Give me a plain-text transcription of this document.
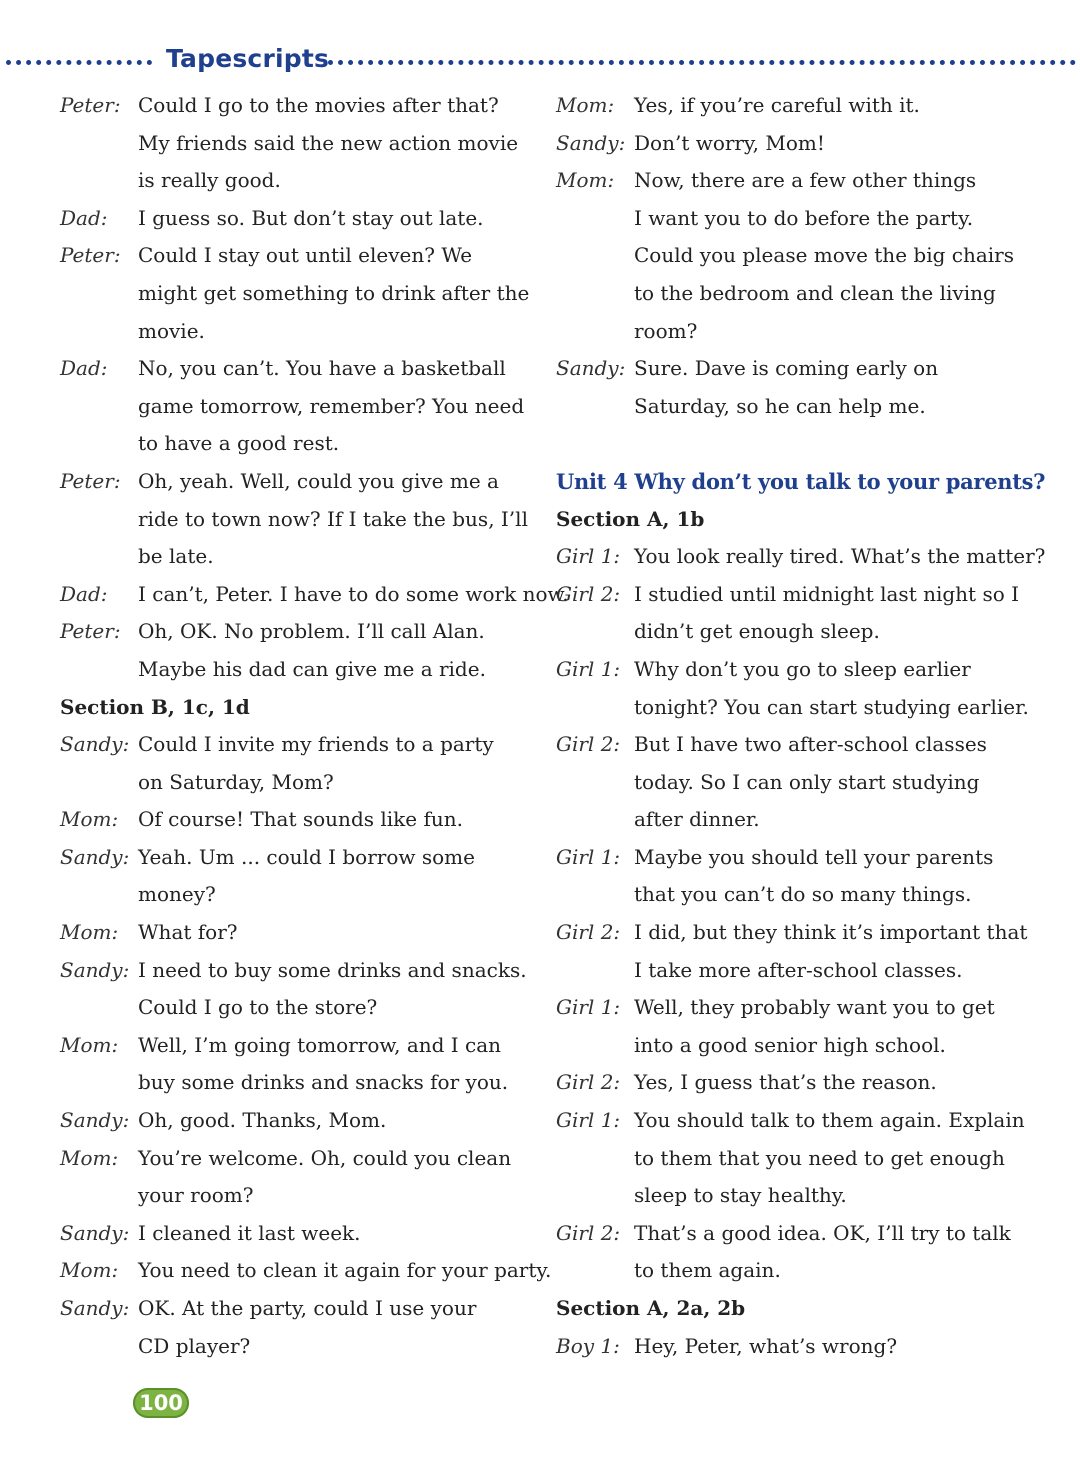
Tapescripts
Peter: Could I go to the movies after that?
My friends said the new action movie
is really good.
Dad: I guess so. But don’t stay out late.
Peter: Could I stay out until eleven? We
might get something to drink after the
movie.
Dad: No, you can’t. You have a basketball
game tomorrow, remember? You need
to have a good rest.
Peter: Oh, yeah. Well, could you give me a
ride to town now? If I take the bus, I’ll
be late.
Dad: I can’t, Peter. I have to do some work now.
Peter: Oh, OK. No problem. I’ll call Alan.
Maybe his dad can give me a ride.
Section B, 1c, 1d
Sandy: Could I invite my friends to a party
on Saturday, Mom?
Mom: Of course! That sounds like fun.
Sandy: Yeah. Um ... could I borrow some
money?
Mom: What for?
Sandy: I need to buy some drinks and snacks.
Could I go to the store?
Mom: Well, I’m going tomorrow, and I can
buy some drinks and snacks for you.
Sandy: Oh, good. Thanks, Mom.
Mom: You’re welcome. Oh, could you clean
your room?
Sandy: I cleaned it last week.
Mom: You need to clean it again for your party.
Sandy: OK. At the party, could I use your
CD player?
Mom: Yes, if you’re careful with it.
Sandy: Don’t worry, Mom!
Mom: Now, there are a few other things
I want you to do before the party.
Could you please move the big chairs
to the bedroom and clean the living
room?
Sandy: Sure. Dave is coming early on
Saturday, so he can help me.
Unit 4 Why don’t you talk to your parents?
Section A, 1b
Girl 1: You look really tired. What’s the matter?
Girl 2: I studied until midnight last night so I
didn’t get enough sleep.
Girl 1: Why don’t you go to sleep earlier
tonight? You can start studying earlier.
Girl 2: But I have two after-school classes
today. So I can only start studying
after dinner.
Girl 1: Maybe you should tell your parents
that you can’t do so many things.
Girl 2: I did, but they think it’s important that
I take more after-school classes.
Girl 1: Well, they probably want you to get
into a good senior high school.
Girl 2: Yes, I guess that’s the reason.
Girl 1: You should talk to them again. Explain
to them that you need to get enough
sleep to stay healthy.
Girl 2: That’s a good idea. OK, I’ll try to talk
to them again.
Section A, 2a, 2b
Boy 1: Hey, Peter, what’s wrong?
100
